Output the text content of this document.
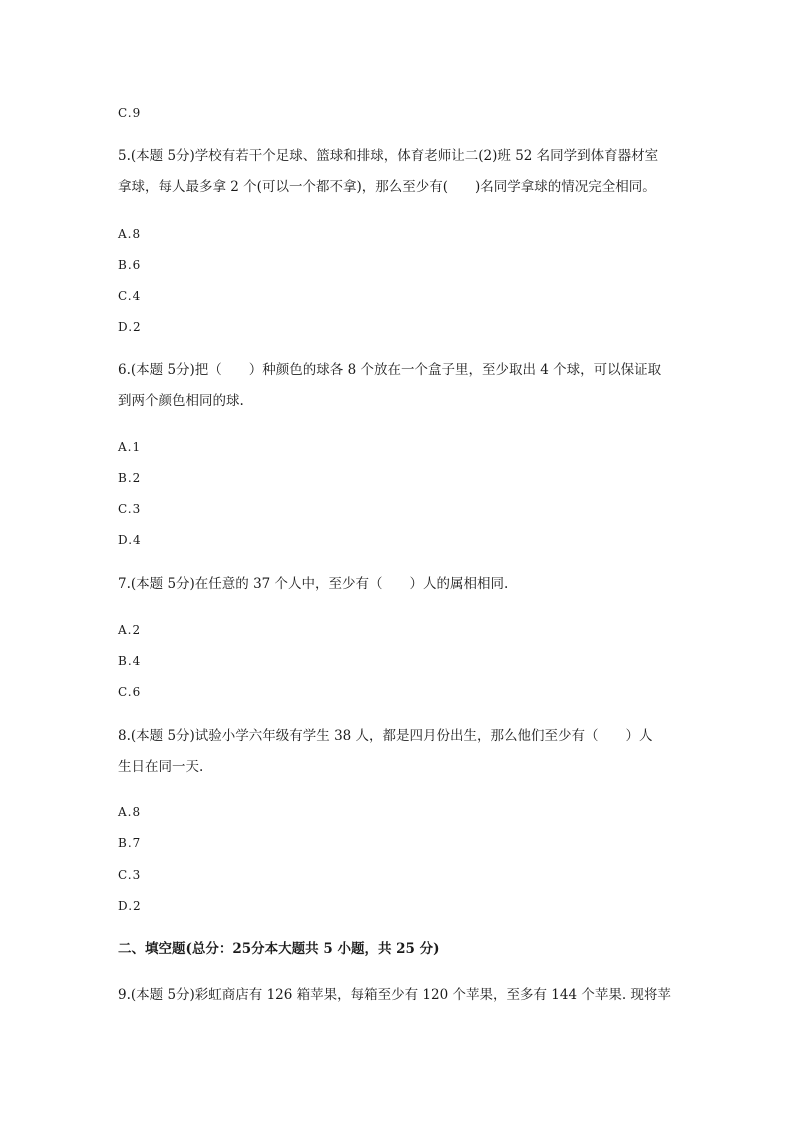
C.9
5.(本题 5分)学校有若干个足球、篮球和排球，体育老师让二(2)班 52 名同学到体育器材室
拿球，每人最多拿 2 个(可以一个都不拿)，那么至少有(　　)名同学拿球的情况完全相同。
A.8
B.6
C.4
D.2
6.(本题 5分)把（　　）种颜色的球各 8 个放在一个盒子里，至少取出 4 个球，可以保证取
到两个颜色相同的球.
A.1
B.2
C.3
D.4
7.(本题 5分)在任意的 37 个人中，至少有（　　）人的属相相同.
A.2
B.4
C.6
8.(本题 5分)试验小学六年级有学生 38 人，都是四月份出生，那么他们至少有（　　）人
生日在同一天.
A.8
B.7
C.3
D.2
二、填空题(总分：25分本大题共 5 小题，共 25 分)
9.(本题 5分)彩虹商店有 126 箱苹果，每箱至少有 120 个苹果，至多有 144 个苹果. 现将苹
